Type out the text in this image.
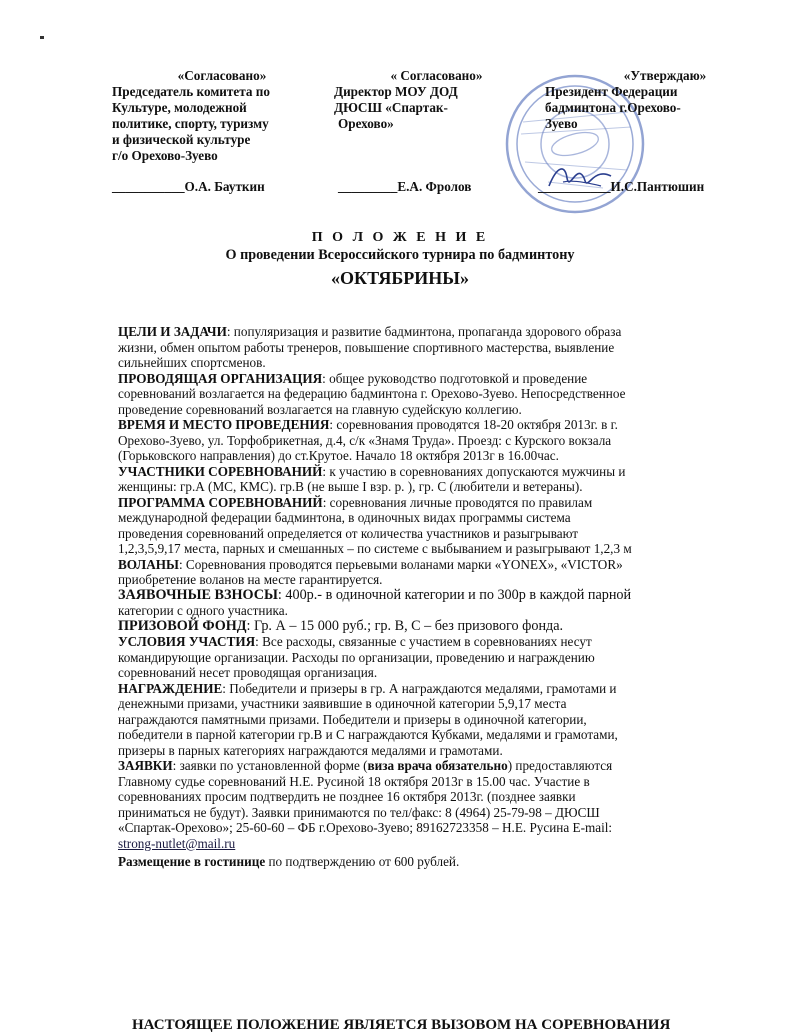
«Согласовано»
Председатель комитета по
Культуре, молодежной
политике, спорту, туризму
и физической культуре
г/о Орехово-Зуево
___________О.А. Бауткин
« Согласовано»
Директор МОУ ДОД
ДЮСШ «Спартак-
Орехово»
_________Е.А. Фролов
«Утверждаю»
Президент Федерации
бадминтона г.Орехово-
Зуево
___________И.С.Пантюшин
П О Л О Ж Е Н И Е
О проведении Всероссийского турнира по бадминтону
«ОКТЯБРИНЫ»
ЦЕЛИ И ЗАДАЧИ: популяризация и развитие бадминтона, пропаганда здорового образа
жизни, обмен опытом работы тренеров, повышение спортивного мастерства, выявление
сильнейших спортсменов.
ПРОВОДЯЩАЯ ОРГАНИЗАЦИЯ: общее руководство подготовкой и проведение
соревнований возлагается на федерацию бадминтона г. Орехово-Зуево. Непосредственное
проведение соревнований возлагается на главную судейскую коллегию.
ВРЕМЯ И МЕСТО ПРОВЕДЕНИЯ: соревнования проводятся 18-20 октября 2013г. в г.
Орехово-Зуево, ул. Торфобрикетная, д.4, с/к «Знамя Труда». Проезд: с Курского вокзала
(Горьковского направления) до ст.Крутое. Начало 18 октября 2013г в 16.00час.
УЧАСТНИКИ СОРЕВНОВАНИЙ: к участию в соревнованиях допускаются мужчины и
женщины: гр.А (МС, КМС). гр.В (не выше I взр. р. ), гр. С (любители и ветераны).
ПРОГРАММА СОРЕВНОВАНИЙ: соревнования личные проводятся по правилам
международной федерации бадминтона, в одиночных видах программы система
проведения соревнований определяется от количества участников и разыгрывают
1,2,3,5,9,17 места, парных и смешанных – по системе с выбыванием и разыгрывают 1,2,3 м
ВОЛАНЫ: Соревнования проводятся перьевыми воланами марки «YONEX», «VICTOR»
приобретение воланов на месте гарантируется.
ЗАЯВОЧНЫЕ ВЗНОСЫ: 400р.- в одиночной категории и по 300р в каждой парной
категории с одного участника.
ПРИЗОВОЙ ФОНД: Гр. А – 15 000 руб.; гр. В, С – без призового фонда.
УСЛОВИЯ УЧАСТИЯ: Все расходы, связанные с участием в соревнованиях несут
командирующие организации. Расходы по организации, проведению и награждению
соревнований несет проводящая организация.
НАГРАЖДЕНИЕ: Победители и призеры в гр. А награждаются медалями, грамотами и
денежными призами, участники заявившие в одиночной категории 5,9,17 места
награждаются памятными призами. Победители и призеры в одиночной категории,
победители в парной категории гр.В и С награждаются Кубками, медалями и грамотами,
призеры в парных категориях награждаются медалями и грамотами.
ЗАЯВКИ: заявки по установленной форме (виза врача обязательно) предоставляются
Главному судье соревнований Н.Е. Русиной 18 октября 2013г в 15.00 час. Участие в
соревнованиях просим подтвердить не позднее 16 октября 2013г. (позднее заявки
приниматься не будут). Заявки принимаются по тел/факс: 8 (4964) 25-79-98 – ДЮСШ
«Спартак-Орехово»; 25-60-60 – ФБ г.Орехово-Зуево; 89162723358 – Н.Е. Русина E-mail:
strong-nutlet@mail.ru
Размещение в гостинице по подтверждению от 600 рублей.
НАСТОЯЩЕЕ ПОЛОЖЕНИЕ ЯВЛЯЕТСЯ ВЫЗОВОМ НА СОРЕВНОВАНИЯ
